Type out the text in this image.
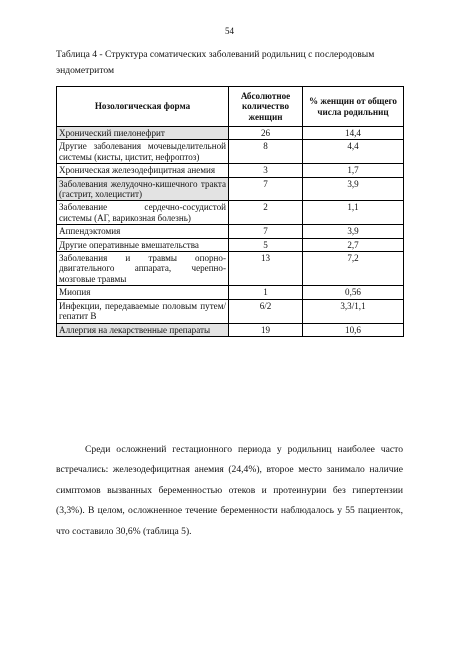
54
Таблица 4 - Структура соматических заболеваний родильниц с послеродовым эндометритом
Нозологическая форма	Абсолютное количество женщин	% женщин от общего числа родильниц
Хронический пиелонефрит	26	14,4
Другие заболевания мочевыделительной системы (кисты, цистит, нефроптоз)	8	4,4
Хроническая железодефицитная анемия	3	1,7
Заболевания желудочно-кишечного тракта (гастрит, холецистит)	7	3,9
Заболевание сердечно-сосудистой системы (АГ, варикозная болезнь)	2	1,1
Аппендэктомия	7	3,9
Другие оперативные вмешательства	5	2,7
Заболевания и травмы опорно-двигательного аппарата, черепно-мозговые травмы	13	7,2
Миопия	1	0,56
Инфекции, передаваемые половым путем/гепатит В	6/2	3,3/1,1
Аллергия на лекарственные препараты	19	10,6

Среди осложнений гестационного периода у родильниц наиболее часто встречались: железодефицитная анемия (24,4%), второе место занимало наличие симптомов вызванных беременностью отеков и протеинурии без гипертензии (3,3%). В целом, осложненное течение беременности наблюдалось у 55 пациенток, что составило 30,6% (таблица 5).
